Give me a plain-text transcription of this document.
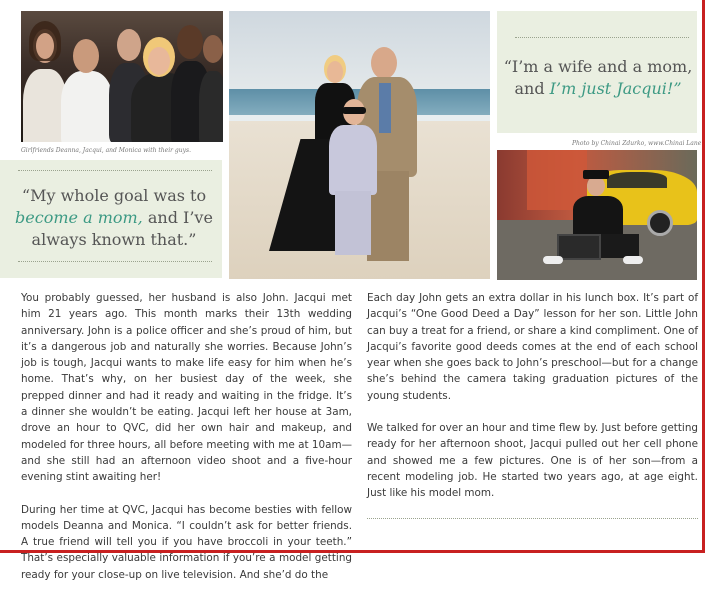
Girlfriends Deanna, Jacqui, and Monica with their guys.
“My whole goal was to become a mom, and I’ve always known that.”
“I’m a wife and a mom, and I’m just Jacqui!”
Photo by Chinai Zdurko, www.Chinai Lane

You probably guessed, her husband is also John. Jacqui met him 21 years ago. This month marks their 13th wedding anniversary. John is a police officer and she’s proud of him, but it’s a dangerous job and naturally she worries. Because John’s job is tough, Jacqui wants to make life easy for him when he’s home. That’s why, on her busiest day of the week, she prepped dinner and had it ready and waiting in the fridge. It’s a dinner she wouldn’t be eating. Jacqui left her house at 3am, drove an hour to QVC, did her own hair and makeup, and modeled for three hours, all before meeting with me at 10am—and she still had an afternoon video shoot and a five-hour evening stint awaiting her!

During her time at QVC, Jacqui has become besties with fellow models Deanna and Monica. “I couldn’t ask for better friends. A true friend will tell you if you have broccoli in your teeth.” That’s especially valuable information if you’re a model getting ready for your close-up on live television. And she’d do the

Each day John gets an extra dollar in his lunch box. It’s part of Jacqui’s “One Good Deed a Day” lesson for her son. Little John can buy a treat for a friend, or share a kind compliment. One of Jacqui’s favorite good deeds comes at the end of each school year when she goes back to John’s preschool—but for a change she’s behind the camera taking graduation pictures of the young students.

We talked for over an hour and time flew by. Just before getting ready for her afternoon shoot, Jacqui pulled out her cell phone and showed me a few pictures. One is of her son—from a recent modeling job. He started two years ago, at age eight. Just like his model mom.
